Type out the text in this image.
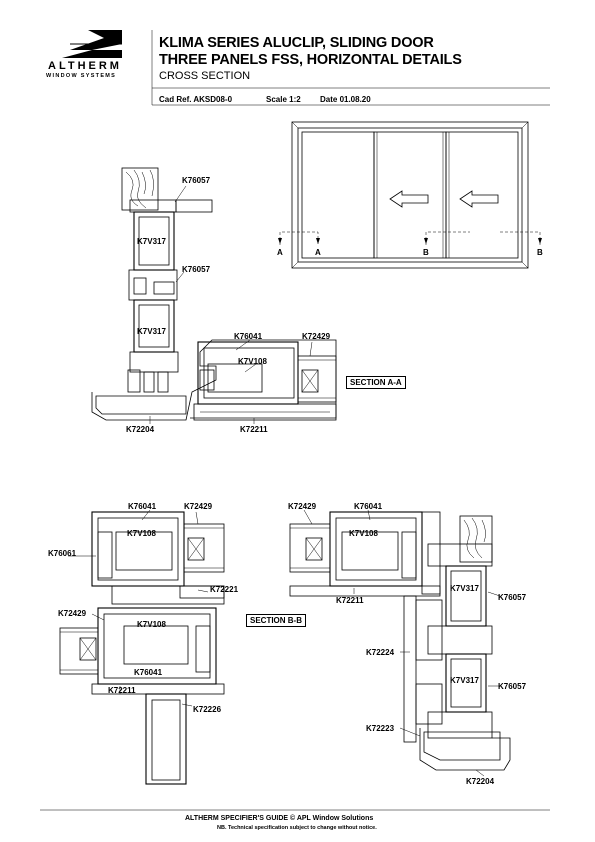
ALTHERM
WINDOW SYSTEMS
KLIMA SERIES ALUCLIP, SLIDING DOOR
THREE PANELS FSS, HORIZONTAL DETAILS
CROSS SECTION
Cad Ref. AKSD08-0	Scale 1:2 Date 01.08.20
A	A	B	B
K76057
K7V317
K76057
K7V317
K76041	K72429
K7V108
K72204	K72211
SECTION A-A
K76041	K72429
K7V108
K76061
K72221
K72429
K7V108
K76041
K72211
K72226
SECTION B-B
K72429	K76041
K7V108
K72211
K7V317
K76057
K72224
K7V317
K76057
K72223
K72204
ALTHERM SPECIFIER'S GUIDE © APL Window Solutions
NB. Technical specification subject to change without notice.
